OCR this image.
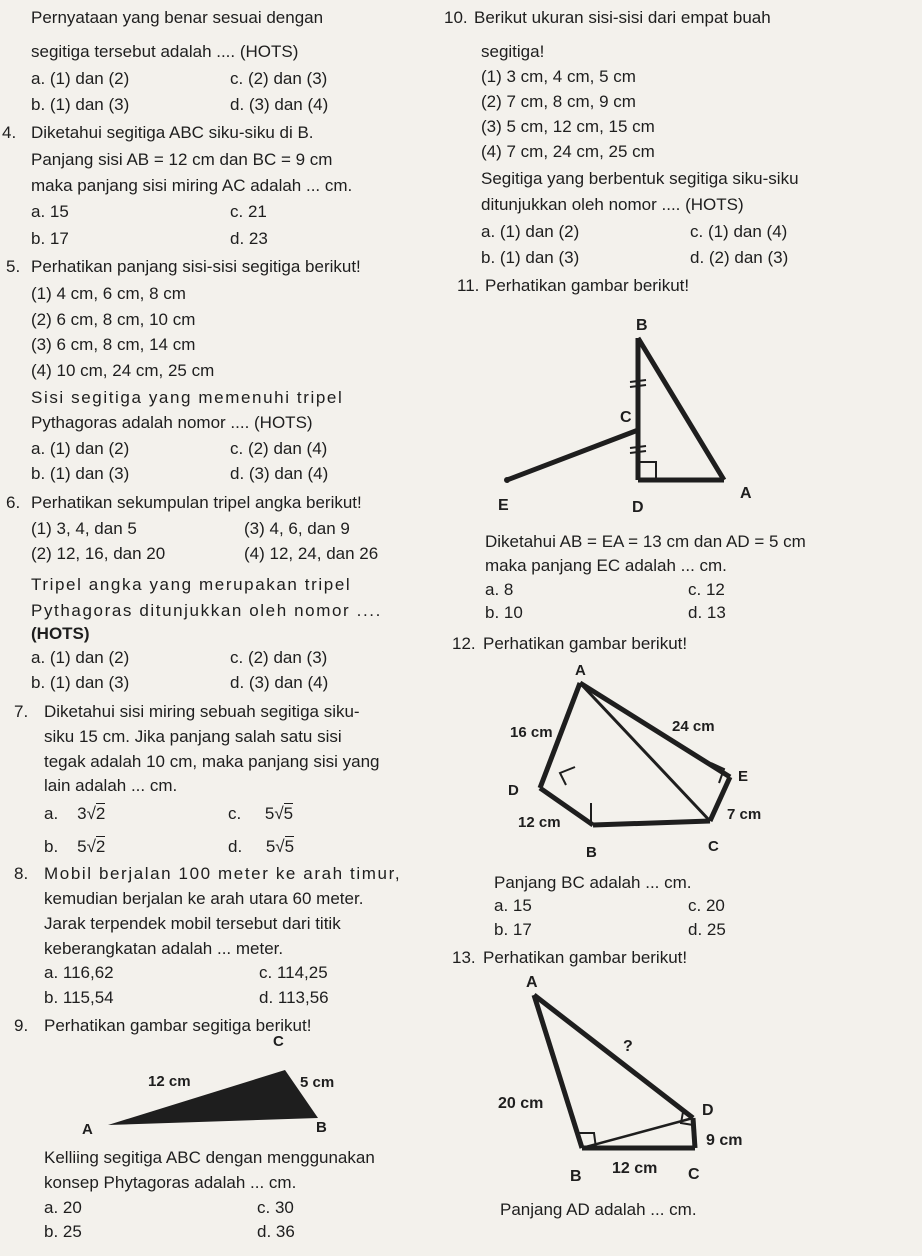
Pernyataan yang benar sesuai dengan
segitiga tersebut adalah .... (HOTS)
a. (1) dan (2)	c. (2) dan (3)
b. (1) dan (3)	d. (3) dan (4)
4. Diketahui segitiga ABC siku-siku di B.
Panjang sisi AB = 12 cm dan BC = 9 cm
maka panjang sisi miring AC adalah ... cm.
a. 15	c. 21
b. 17	d. 23
5. Perhatikan panjang sisi-sisi segitiga berikut!
(1) 4 cm, 6 cm, 8 cm
(2) 6 cm, 8 cm, 10 cm
(3) 6 cm, 8 cm, 14 cm
(4) 10 cm, 24 cm, 25 cm
Sisi segitiga yang memenuhi tripel
Pythagoras adalah nomor .... (HOTS)
a. (1) dan (2)	c. (2) dan (4)
b. (1) dan (3)	d. (3) dan (4)
6. Perhatikan sekumpulan tripel angka berikut!
(1) 3, 4, dan 5	(3) 4, 6, dan 9
(2) 12, 16, dan 20	(4) 12, 24, dan 26
Tripel angka yang merupakan tripel
Pythagoras ditunjukkan oleh nomor ....
(HOTS)
a. (1) dan (2)	c. (2) dan (3)
b. (1) dan (3)	d. (3) dan (4)
7. Diketahui sisi miring sebuah segitiga siku-
siku 15 cm. Jika panjang salah satu sisi
tegak adalah 10 cm, maka panjang sisi yang
lain adalah ... cm.
a. 3√2	c. 5√5
b. 5√2	d. 5√5
8. Mobil berjalan 100 meter ke arah timur,
kemudian berjalan ke arah utara 60 meter.
Jarak terpendek mobil tersebut dari titik
keberangkatan adalah ... meter.
a. 116,62	c. 114,25
b. 115,54	d. 113,56
9. Perhatikan gambar segitiga berikut!
C
12 cm	5 cm
A	B
Kelliing segitiga ABC dengan menggunakan
konsep Phytagoras adalah ... cm.
a. 20	c. 30
b. 25	d. 36
10. Berikut ukuran sisi-sisi dari empat buah
segitiga!
(1) 3 cm, 4 cm, 5 cm
(2) 7 cm, 8 cm, 9 cm
(3) 5 cm, 12 cm, 15 cm
(4) 7 cm, 24 cm, 25 cm
Segitiga yang berbentuk segitiga siku-siku
ditunjukkan oleh nomor .... (HOTS)
a. (1) dan (2)	c. (1) dan (4)
b. (1) dan (3)	d. (2) dan (3)
11. Perhatikan gambar berikut!
B
C
E	D
A
Diketahui AB = EA = 13 cm dan AD = 5 cm
maka panjang EC adalah ... cm.
a. 8	c. 12
b. 10	d. 13
12. Perhatikan gambar berikut!
A
16 cm	24 cm
D
E
12 cm	7 cm
B	C
Panjang BC adalah ... cm.
a. 15	c. 20
b. 17	d. 25
13. Perhatikan gambar berikut!
A
?
20 cm	D
9 cm
B 12 cm C
Panjang AD adalah ... cm.
